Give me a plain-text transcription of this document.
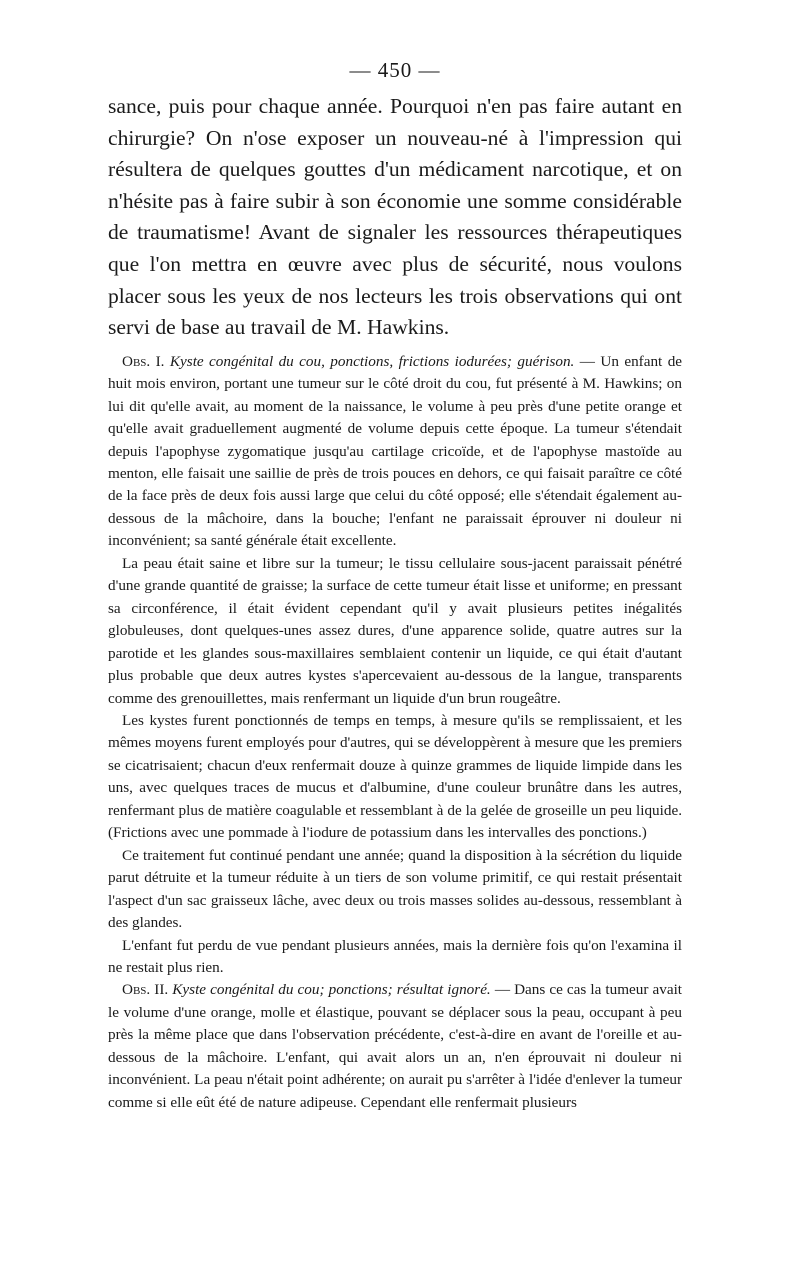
— 450 —

sance, puis pour chaque année. Pourquoi n'en pas faire autant en chirurgie? On n'ose exposer un nouveau-né à l'impression qui résultera de quelques gouttes d'un médicament narcotique, et on n'hésite pas à faire subir à son économie une somme considérable de traumatisme! Avant de signaler les ressources thérapeutiques que l'on mettra en œuvre avec plus de sécurité, nous voulons placer sous les yeux de nos lecteurs les trois observations qui ont servi de base au travail de M. Hawkins.

Obs. I. Kyste congénital du cou, ponctions, frictions iodurées; guérison. — Un enfant de huit mois environ, portant une tumeur sur le côté droit du cou, fut présenté à M. Hawkins; on lui dit qu'elle avait, au moment de la naissance, le volume à peu près d'une petite orange et qu'elle avait graduellement augmenté de volume depuis cette époque. La tumeur s'étendait depuis l'apophyse zygomatique jusqu'au cartilage cricoïde, et de l'apophyse mastoïde au menton, elle faisait une saillie de près de trois pouces en dehors, ce qui faisait paraître ce côté de la face près de deux fois aussi large que celui du côté opposé; elle s'étendait également au-dessous de la mâchoire, dans la bouche; l'enfant ne paraissait éprouver ni douleur ni inconvénient; sa santé générale était excellente.

La peau était saine et libre sur la tumeur; le tissu cellulaire sous-jacent paraissait pénétré d'une grande quantité de graisse; la surface de cette tumeur était lisse et uniforme; en pressant sa circonférence, il était évident cependant qu'il y avait plusieurs petites inégalités globuleuses, dont quelques-unes assez dures, d'une apparence solide, quatre autres sur la parotide et les glandes sous-maxillaires semblaient contenir un liquide, ce qui était d'autant plus probable que deux autres kystes s'apercevaient au-dessous de la langue, transparents comme des grenouillettes, mais renfermant un liquide d'un brun rougeâtre.

Les kystes furent ponctionnés de temps en temps, à mesure qu'ils se remplissaient, et les mêmes moyens furent employés pour d'autres, qui se développèrent à mesure que les premiers se cicatrisaient; chacun d'eux renfermait douze à quinze grammes de liquide limpide dans les uns, avec quelques traces de mucus et d'albumine, d'une couleur brunâtre dans les autres, renfermant plus de matière coagulable et ressemblant à de la gelée de groseille un peu liquide. (Frictions avec une pommade à l'iodure de potassium dans les intervalles des ponctions.)

Ce traitement fut continué pendant une année; quand la disposition à la sécrétion du liquide parut détruite et la tumeur réduite à un tiers de son volume primitif, ce qui restait présentait l'aspect d'un sac graisseux lâche, avec deux ou trois masses solides au-dessous, ressemblant à des glandes.

L'enfant fut perdu de vue pendant plusieurs années, mais la dernière fois qu'on l'examina il ne restait plus rien.

Obs. II. Kyste congénital du cou; ponctions; résultat ignoré. — Dans ce cas la tumeur avait le volume d'une orange, molle et élastique, pouvant se déplacer sous la peau, occupant à peu près la même place que dans l'observation précédente, c'est-à-dire en avant de l'oreille et au-dessous de la mâchoire. L'enfant, qui avait alors un an, n'en éprouvait ni douleur ni inconvénient. La peau n'était point adhérente; on aurait pu s'arrêter à l'idée d'enlever la tumeur comme si elle eût été de nature adipeuse. Cependant elle renfermait plusieurs
